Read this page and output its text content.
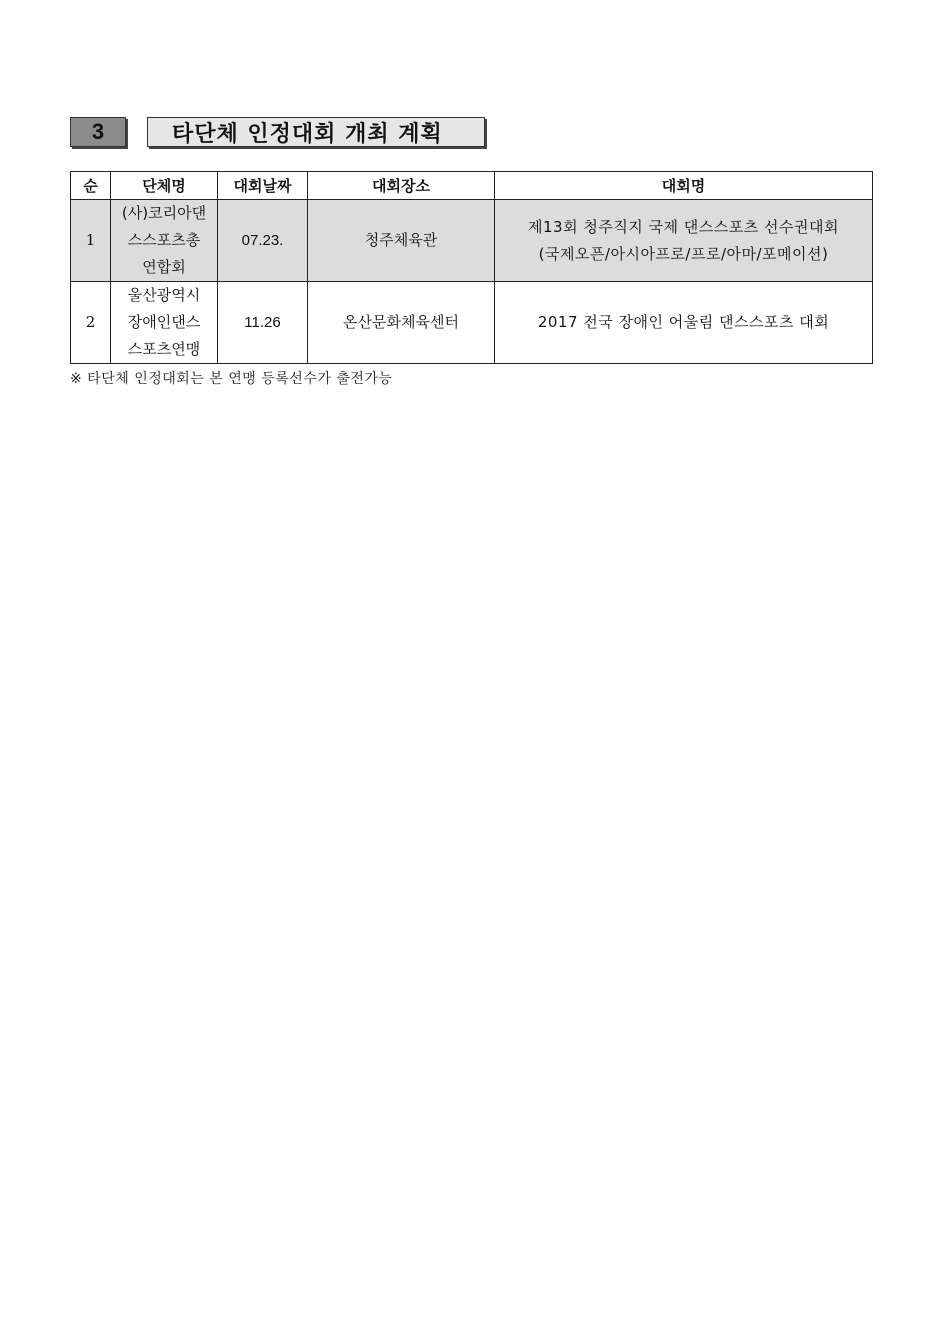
3	타단체 인정대회 개최 계획
순	단체명	대회날짜	대회장소	대회명
1	(사)코리아댄
스스포츠총
연합회	07.23.	청주체육관	제13회 청주직지 국제 댄스스포츠 선수권대회
(국제오픈/아시아프로/프로/아마/포메이션)

2	울산광역시
장애인댄스
스포츠연맹	11.26	온산문화체육센터	2017 전국 장애인 어울림 댄스스포츠 대회
※ 타단체 인정대회는 본 연맹 등록선수가 출전가능
